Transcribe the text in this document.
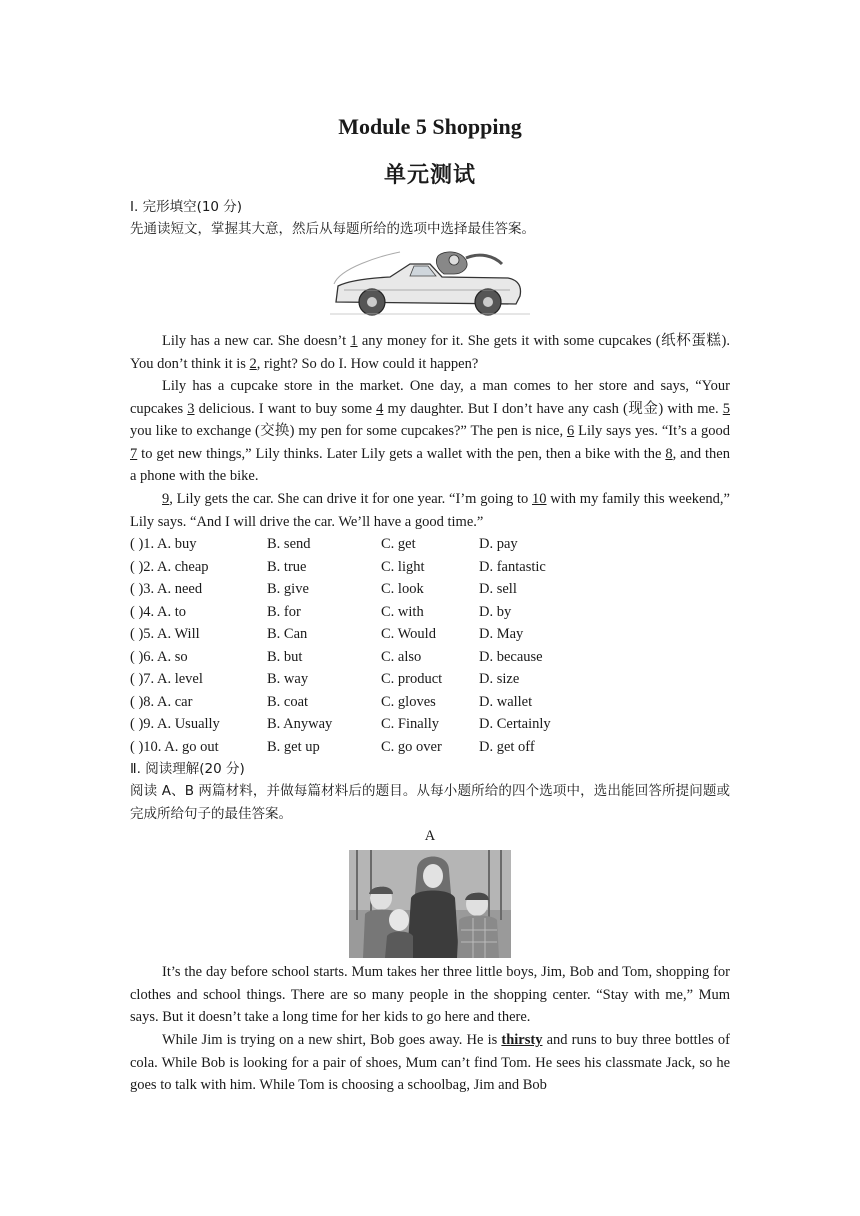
Module 5 Shopping
单元测试
Ⅰ. 完形填空(10 分)
先通读短文，掌握其大意，然后从每题所给的选项中选择最佳答案。
Lily has a new car. She doesn’t 1 any money for it. She gets it with some cupcakes (纸杯蛋糕). You don’t think it is 2, right? So do I. How could it happen?
Lily has a cupcake store in the market. One day, a man comes to her store and says, “Your cupcakes 3 delicious. I want to buy some 4 my daughter. But I don’t have any cash (现金) with me. 5 you like to exchange (交换) my pen for some cupcakes?” The pen is nice, 6 Lily says yes. “It’s a good 7 to get new things,” Lily thinks. Later Lily gets a wallet with the pen, then a bike with the 8, and then a phone with the bike.
9, Lily gets the car. She can drive it for one year. “I’m going to 10 with my family this weekend,” Lily says. “And I will drive the car. We’ll have a good time.”
( )1. A. buy	B. send	C. get	D. pay
( )2. A. cheap	B. true	C. light	D. fantastic
( )3. A. need	B. give	C. look	D. sell
( )4. A. to	B. for	C. with	D. by
( )5. A. Will	B. Can	C. Would	D. May
( )6. A. so	B. but	C. also	D. because
( )7. A. level	B. way	C. product	D. size
( )8. A. car	B. coat	C. gloves	D. wallet
( )9. A. Usually	B. Anyway	C. Finally	D. Certainly
( )10. A. go out	B. get up	C. go over	D. get off
Ⅱ. 阅读理解(20 分)
阅读 A、B 两篇材料，并做每篇材料后的题目。从每小题所给的四个选项中，选出能回答所提问题或完成所给句子的最佳答案。
A
It’s the day before school starts. Mum takes her three little boys, Jim, Bob and Tom, shopping for clothes and school things. There are so many people in the shopping center. “Stay with me,” Mum says. But it doesn’t take a long time for her kids to go here and there.
While Jim is trying on a new shirt, Bob goes away. He is thirsty and runs to buy three bottles of cola. While Bob is looking for a pair of shoes, Mum can’t find Tom. He sees his classmate Jack, so he goes to talk with him. While Tom is choosing a schoolbag, Jim and Bob
